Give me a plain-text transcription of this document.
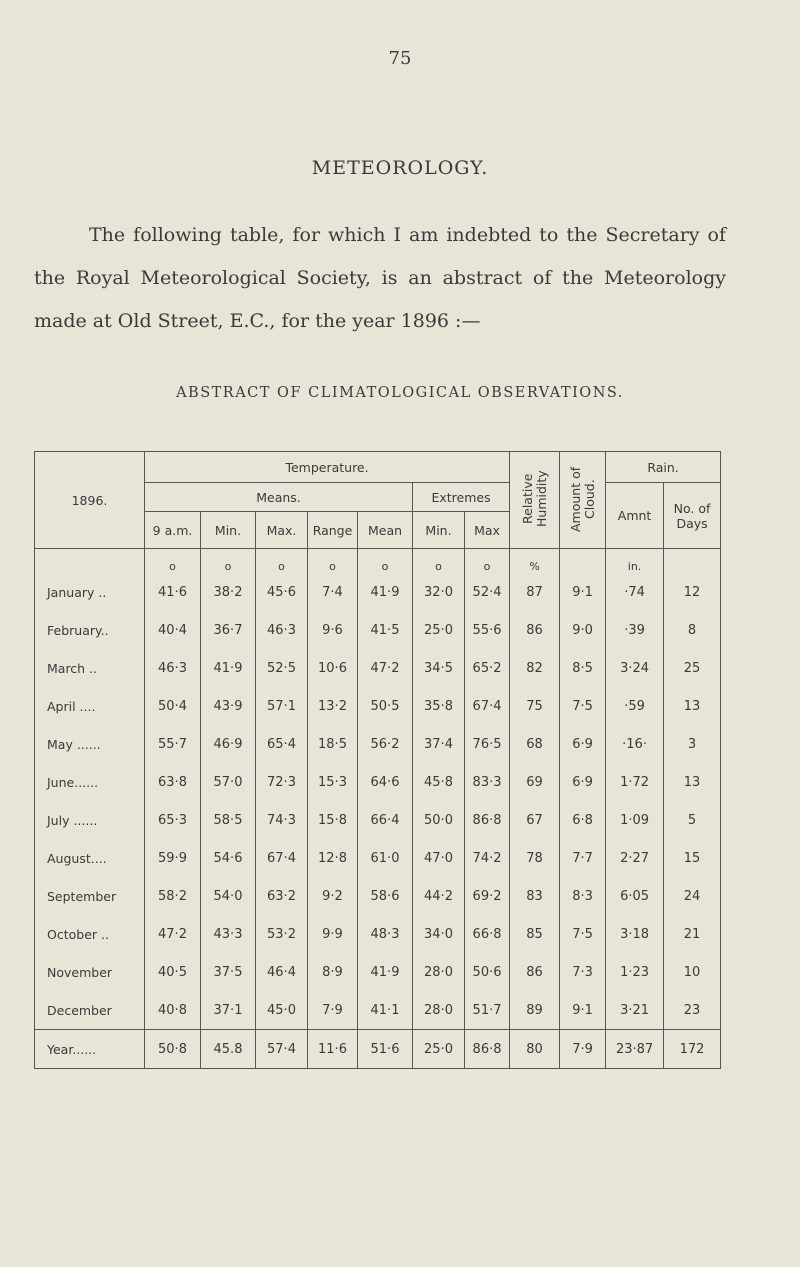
75
METEOROLOGY.
The following table, for which I am indebted to the Secretary of the Royal Meteorological Society, is an abstract of the Meteorology made at Old Street, E.C., for the year 1896 :—
ABSTRACT OF CLIMATOLOGICAL OBSERVATIONS.
1896.	Temperature.							Relative Humidity	Amount of Cloud.	Rain.	
	Means.					Extremes				Amnt	No. of Days
	9 a.m.	Min.	Max.	Range	Mean	Min.	Max				
	o	o	o	o	o	o	o	%		in.	
January ..	41·6	38·2	45·6	7·4	41·9	32·0	52·4	87	9·1	·74	12
February..	40·4	36·7	46·3	9·6	41·5	25·0	55·6	86	9·0	·39	8
March ..	46·3	41·9	52·5	10·6	47·2	34·5	65·2	82	8·5	3·24	25
April ....	50·4	43·9	57·1	13·2	50·5	35·8	67·4	75	7·5	·59	13
May ......	55·7	46·9	65·4	18·5	56·2	37·4	76·5	68	6·9	·16·	3
June......	63·8	57·0	72·3	15·3	64·6	45·8	83·3	69	6·9	1·72	13
July ......	65·3	58·5	74·3	15·8	66·4	50·0	86·8	67	6·8	1·09	5
August....	59·9	54·6	67·4	12·8	61·0	47·0	74·2	78	7·7	2·27	15
September	58·2	54·0	63·2	9·2	58·6	44·2	69·2	83	8·3	6·05	24
October ..	47·2	43·3	53·2	9·9	48·3	34·0	66·8	85	7·5	3·18	21
November	40·5	37·5	46·4	8·9	41·9	28·0	50·6	86	7·3	1·23	10
December	40·8	37·1	45·0	7·9	41·1	28·0	51·7	89	9·1	3·21	23
Year......	50·8	45.8	57·4	11·6	51·6	25·0	86·8	80	7·9	23·87	172
